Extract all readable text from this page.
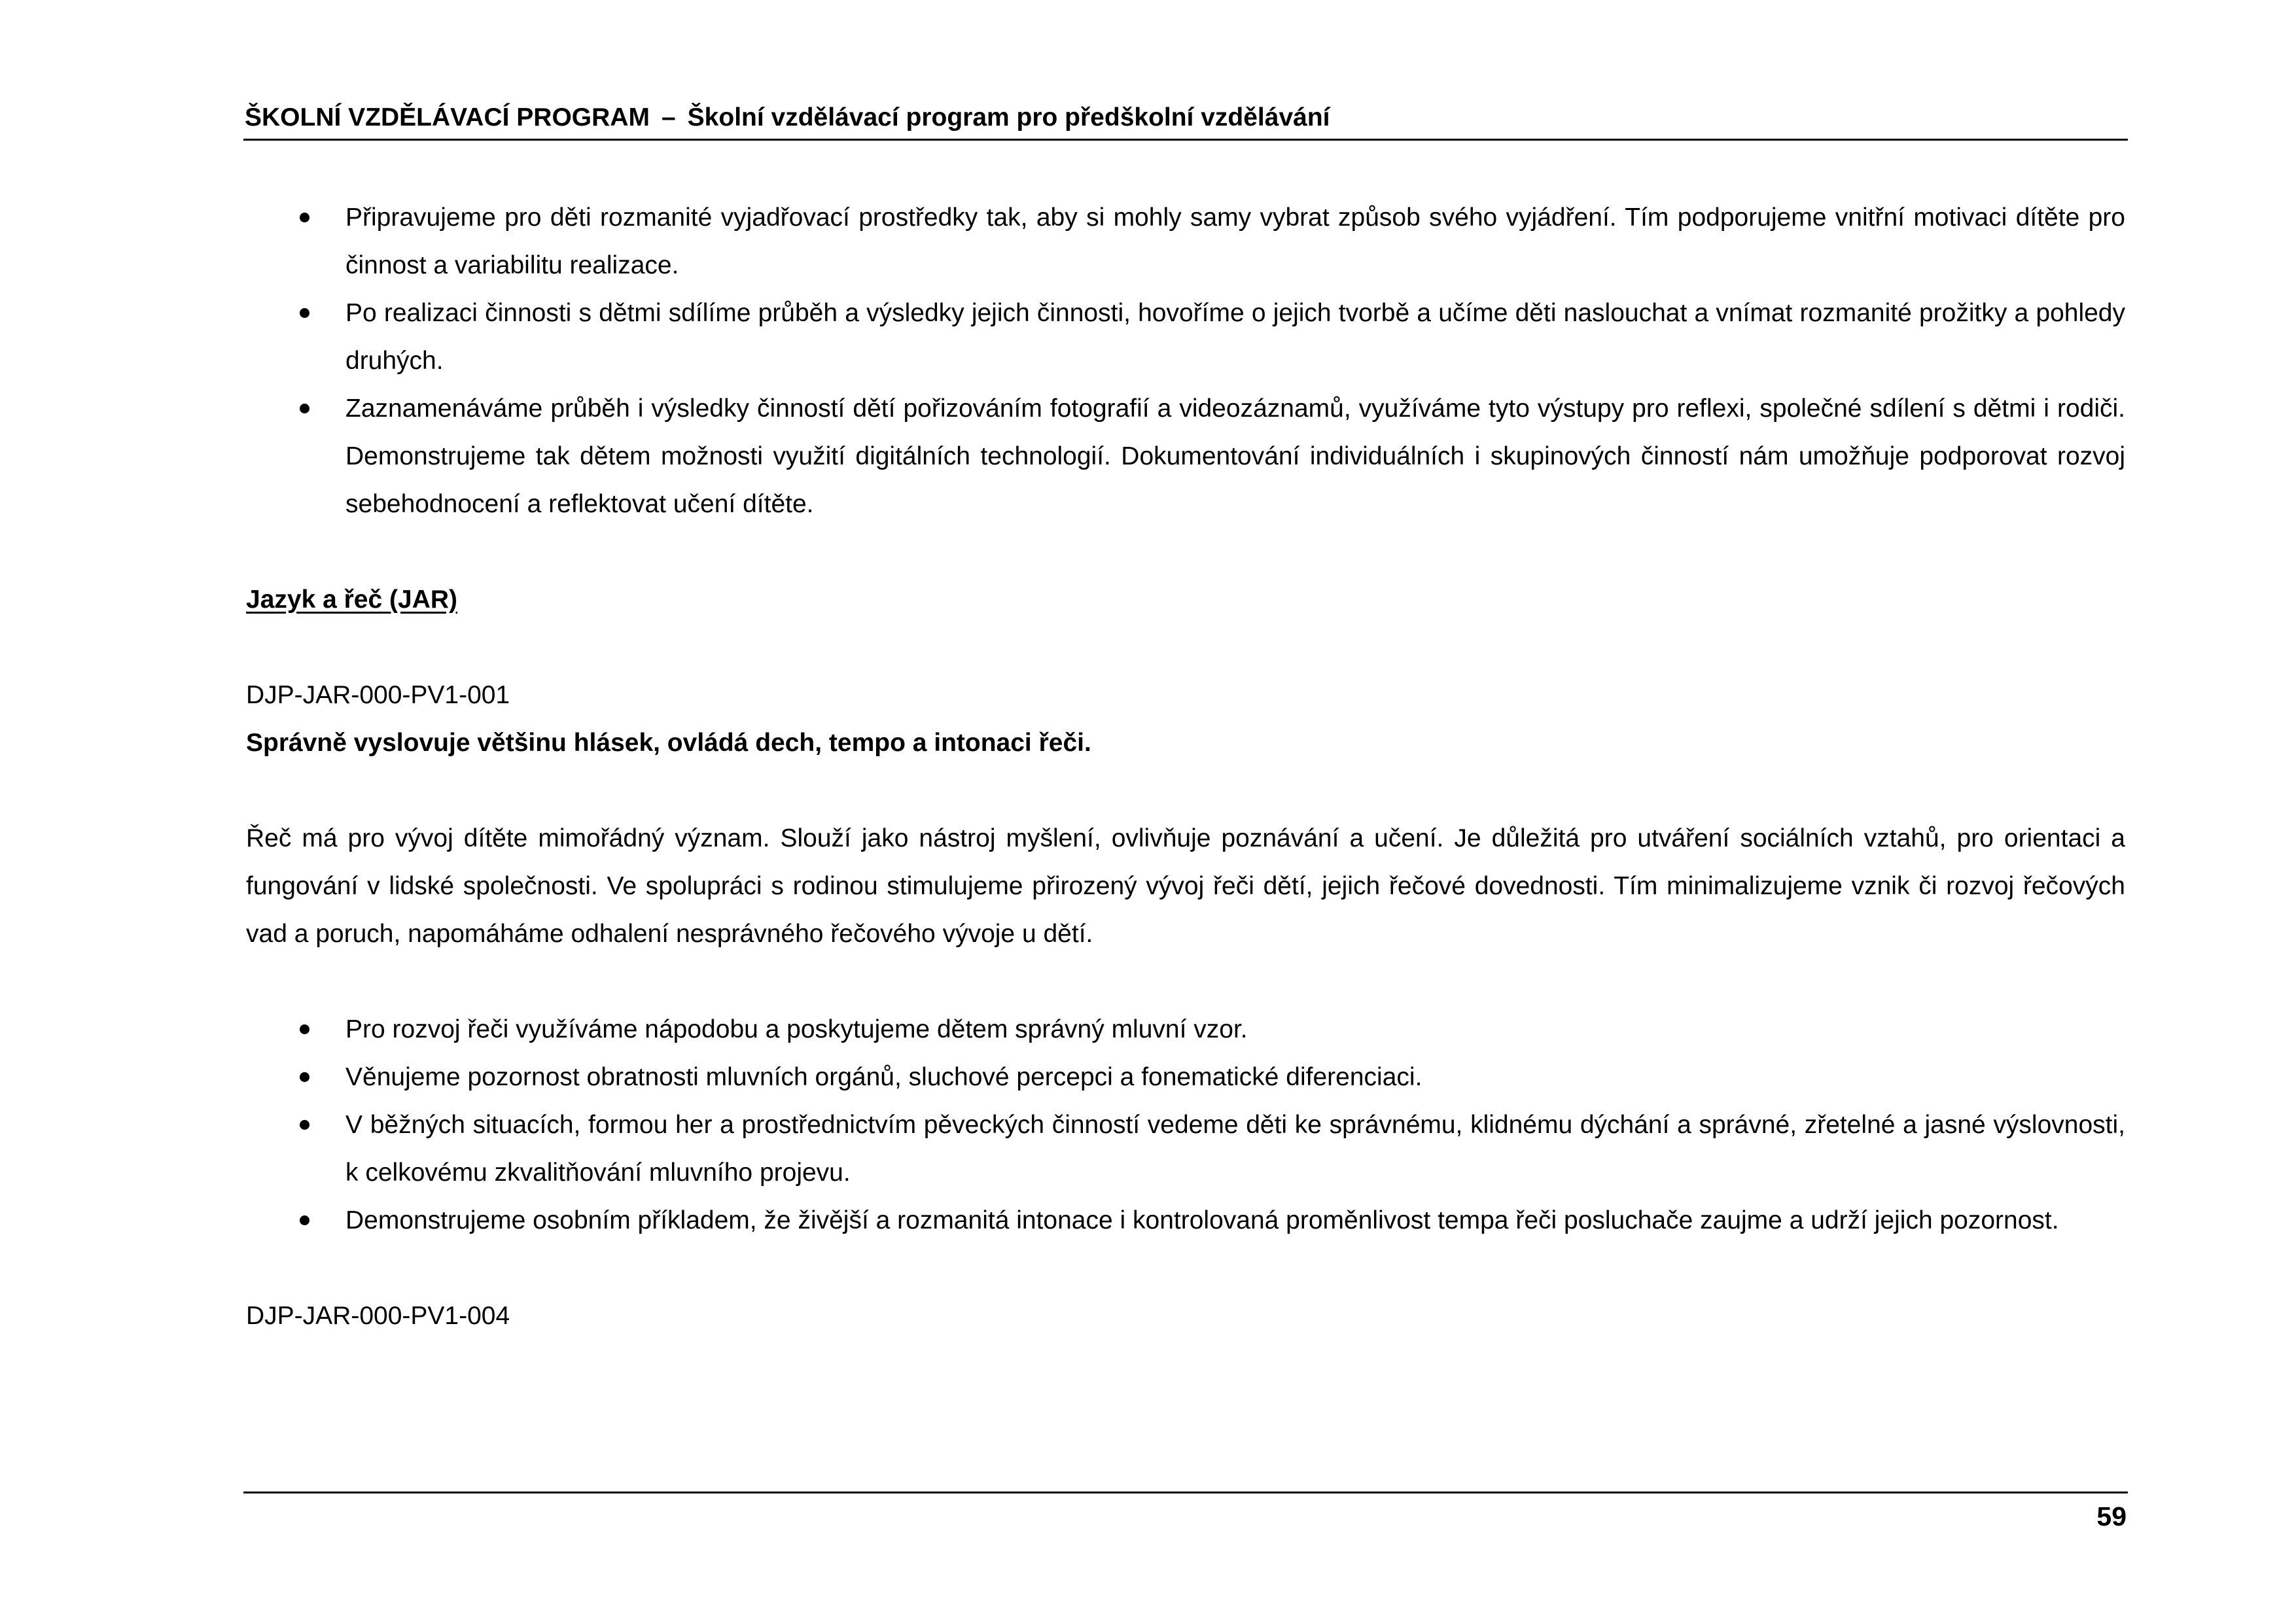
ŠKOLNÍ VZDĚLÁVACÍ PROGRAM – Školní vzdělávací program pro předškolní vzdělávání
Připravujeme pro děti rozmanité vyjadřovací prostředky tak, aby si mohly samy vybrat způsob svého vyjádření. Tím podporujeme vnitřní motivaci dítěte pro činnost a variabilitu realizace.
Po realizaci činnosti s dětmi sdílíme průběh a výsledky jejich činnosti, hovoříme o jejich tvorbě a učíme děti naslouchat a vnímat rozmanité prožitky a pohledy druhých.
Zaznamenáváme průběh i výsledky činností dětí pořizováním fotografií a videozáznamů, využíváme tyto výstupy pro reflexi, společné sdílení s dětmi i rodiči. Demonstrujeme tak dětem možnosti využití digitálních technologií. Dokumentování individuálních i skupinových činností nám umožňuje podporovat rozvoj sebehodnocení a reflektovat učení dítěte.

Jazyk a řeč (JAR)

DJP-JAR-000-PV1-001

Správně vyslovuje většinu hlásek, ovládá dech, tempo a intonaci řeči.

Řeč má pro vývoj dítěte mimořádný význam. Slouží jako nástroj myšlení, ovlivňuje poznávání a učení. Je důležitá pro utváření sociálních vztahů, pro orientaci a fungování v lidské společnosti. Ve spolupráci s rodinou stimulujeme přirozený vývoj řeči dětí, jejich řečové dovednosti. Tím minimalizujeme vznik či rozvoj řečových vad a poruch, napomáháme odhalení nesprávného řečového vývoje u dětí.

Pro rozvoj řeči využíváme nápodobu a poskytujeme dětem správný mluvní vzor.
Věnujeme pozornost obratnosti mluvních orgánů, sluchové percepci a fonematické diferenciaci.
V běžných situacích, formou her a prostřednictvím pěveckých činností vedeme děti ke správnému, klidnému dýchání a správné, zřetelné a jasné výslovnosti, k celkovému zkvalitňování mluvního projevu.
Demonstrujeme osobním příkladem, že živější a rozmanitá intonace i kontrolovaná proměnlivost tempa řeči posluchače zaujme a udrží jejich pozornost.

DJP-JAR-000-PV1-004

59
